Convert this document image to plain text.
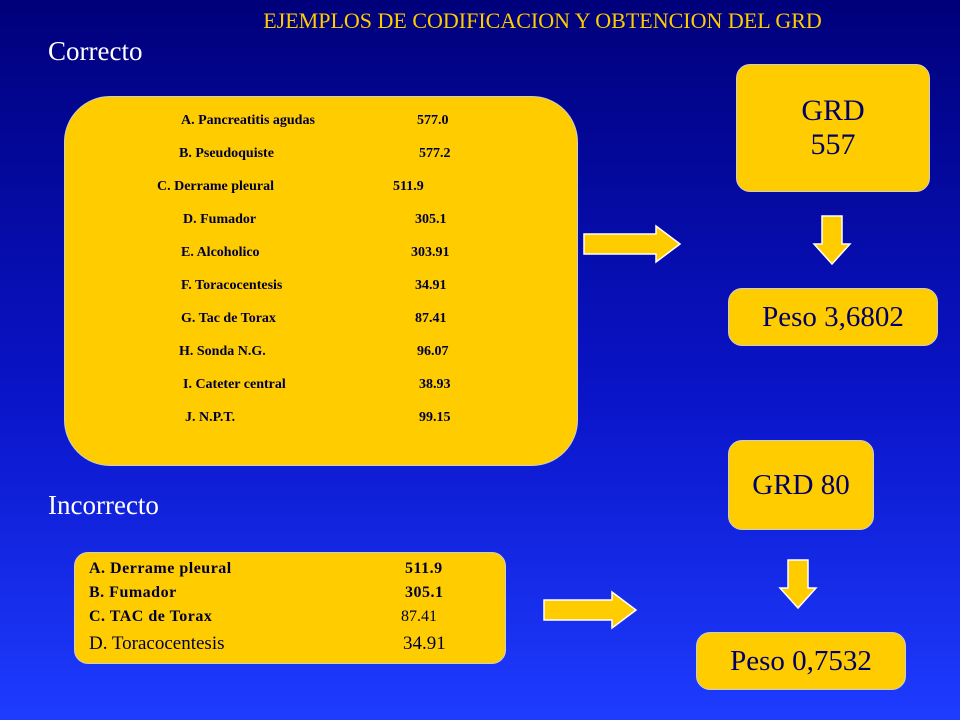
EJEMPLOS DE CODIFICACION Y OBTENCION DEL GRD
Correcto
Incorrecto
A. Pancreatitis agudas	577.0
B. Pseudoquiste	577.2
C. Derrame pleural	511.9
D. Fumador	305.1
E. Alcoholico	303.91
F. Toracocentesis	34.91
G. Tac de Torax	87.41
H. Sonda N.G.	96.07
I. Cateter central	38.93
J. N.P.T.	99.15
A. Derrame pleural	511.9
B. Fumador	305.1
C. TAC de Torax	87.41
D. Toracocentesis	34.91
GRD
557
Peso 3,6802
GRD 80
Peso 0,7532
